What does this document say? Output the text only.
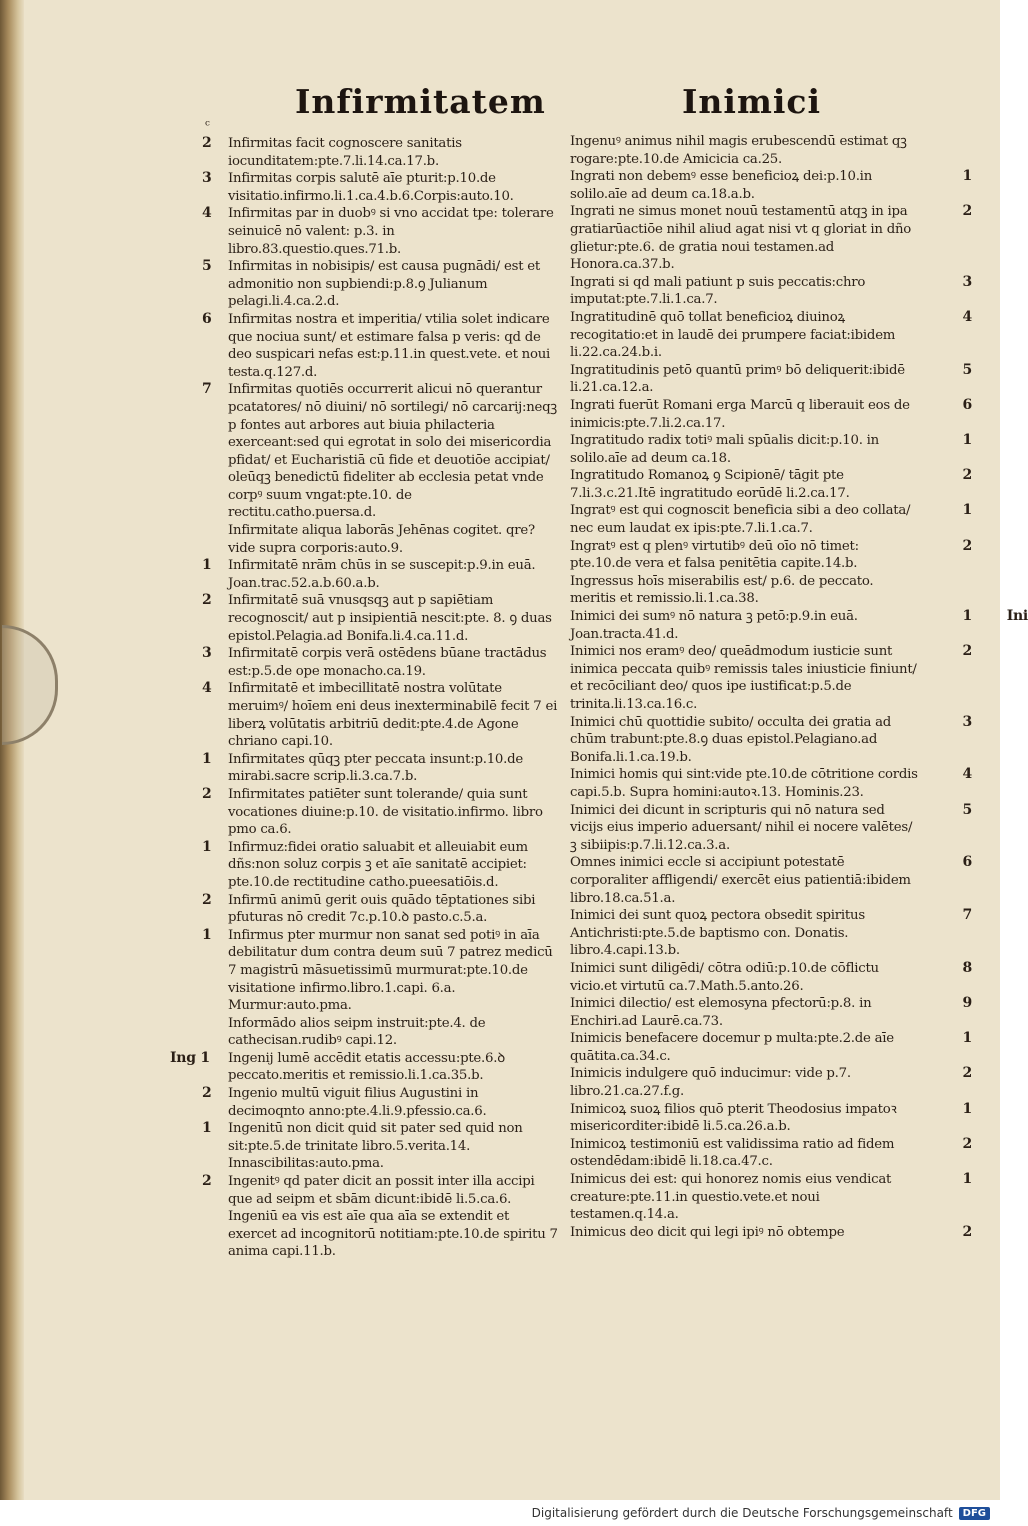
Infirmitatem	Inimici
ᶜ
2 Infirmitas facit cognoscere sanitatis iocunditatem:pte.7.li.14.ca.17.b.
3 Infirmitas corpis salutē aīe pturit:p.10.de visitatio.infirmo.li.1.ca.4.b.6.Corpis:auto.10.
4 Infirmitas par in duobꝰ si vno accidat tpe: tolerare seinuicē nō valent: p.3. in libro.83.questio.ques.71.b.
5 Infirmitas in nobisipis/ est causa pugnādi/ est et admonitio non supbiendi:p.8.ꝯ Julianum pelagi.li.4.ca.2.d.
6 Infirmitas nostra et imperitia/ vtilia solet indicare que nociua sunt/ et estimare falsa p veris: qd de deo suspicari nefas est:p.11.in quest.vete. et noui testa.q.127.d.
7 Infirmitas quotiēs occurrerit alicui nō querantur pcatatores/ nō diuini/ nō sortilegi/ nō carcarij:neqꝫ p fontes aut arbores aut biuia philacteria exerceant:sed qui egrotat in solo dei misericordia pfidat/ et Eucharistiā cū fide et deuotiōe accipiat/ oleūqꝫ benedictū fideliter ab ecclesia petat vnde corpꝰ suum vngat:pte.10. de rectitu.catho.puersa.d.
Infirmitate aliqua laborās Jehēnas cogitet. qre? vide supra corporis:auto.9.
1 Infirmitatē nrām chūs in se suscepit:p.9.in euā. Joan.trac.52.a.b.60.a.b.
2 Infirmitatē suā vnusqsqꝫ aut p sapiētiam recognoscit/ aut p insipientiā nescit:pte. 8. ꝯ duas epistol.Pelagia.ad Bonifa.li.4.ca.11.d.
3 Infirmitatē corpis verā ostēdens būane tractādus est:p.5.de ope monacho.ca.19.
4 Infirmitatē et imbecillitatē nostra volūtate meruimꝰ/ hoīem eni deus inexterminabilē fecit 7 ei liberꝝ volūtatis arbitriū dedit:pte.4.de Agone chriano capi.10.
1 Infirmitates qūqꝫ pter peccata insunt:p.10.de mirabi.sacre scrip.li.3.ca.7.b.
2 Infirmitates patiēter sunt tolerande/ quia sunt vocationes diuine:p.10. de visitatio.infirmo. libro pmo ca.6.
1 Infirmuz:fidei oratio saluabit et alleuiabit eum dñs:non soluz corpis ꝫ et aīe sanitatē accipiet: pte.10.de rectitudine catho.pueesatiōis.d.
2 Infirmū animū gerit ouis quādo tēptationes sibi pfuturas nō credit 7c.p.10.ꝺ pasto.c.5.a.
1 Infirmus pter murmur non sanat sed potiꝰ in aīa debilitatur dum contra deum suū 7 patrez medicū 7 magistrū māsuetissimū murmurat:pte.10.de visitatione infirmo.libro.1.capi. 6.a. Murmur:auto.pma.
Informādo alios seipm instruit:pte.4. de cathecisan.rudibꝰ capi.12.
Ing 1 Ingenij lumē accēdit etatis accessu:pte.6.ꝺ peccato.meritis et remissio.li.1.ca.35.b.
2 Ingenio multū viguit filius Augustini in decimoqnto anno:pte.4.li.9.pfessio.ca.6.
1 Ingenitū non dicit quid sit pater sed quid non sit:pte.5.de trinitate libro.5.verita.14. Innascibilitas:auto.pma.
2 Ingenitꝰ qd pater dicit an possit inter illa accipi que ad seipm et sbām dicunt:ibidē li.5.ca.6.
Ingeniū ea vis est aīe qua aīa se extendit et exercet ad incognitorū notitiam:pte.10.de spiritu 7 anima capi.11.b.
Ingenuꝰ animus nihil magis erubescendū estimat qꝫ rogare:pte.10.de Amicicia ca.25.
1
Ingrati non debemꝰ esse beneficioꝝ dei:p.10.in solilo.aīe ad deum ca.18.a.b.
2
Ingrati ne simus monet nouū testamentū atqꝫ in ipa gratiarūactiōe nihil aliud agat nisi vt q gloriat in dño glietur:pte.6. de gratia noui testamen.ad Honora.ca.37.b.
3
Ingrati si qd mali patiunt p suis peccatis:chro imputat:pte.7.li.1.ca.7.
4
Ingratitudinē quō tollat beneficioꝝ diuinoꝝ recogitatio:et in laudē dei prumpere faciat:ibidem li.22.ca.24.b.i.
5
Ingratitudinis petō quantū primꝰ bō deliquerit:ibidē li.21.ca.12.a.
6
Ingrati fuerūt Romani erga Marcū q liberauit eos de inimicis:pte.7.li.2.ca.17.
1
Ingratitudo radix totiꝰ mali spūalis dicit:p.10. in solilo.aīe ad deum ca.18.
2
Ingratitudo Romanoꝝ ꝯ Scipionē/ tāgit pte 7.li.3.c.21.Itē ingratitudo eorūdē li.2.ca.17.
1
Ingratꝰ est qui cognoscit beneficia sibi a deo collata/ nec eum laudat ex ipis:pte.7.li.1.ca.7.
2
Ingratꝰ est q plenꝰ virtutibꝰ deū oīo nō timet: pte.10.de vera et falsa penitētia capite.14.b.
Ingressus hoīs miserabilis est/ p.6. de peccato. meritis et remissio.li.1.ca.38.
1 Ini
Inimici dei sumꝰ nō natura ꝫ petō:p.9.in euā. Joan.tracta.41.d.
2
Inimici nos eramꝰ deo/ queādmodum iusticie sunt inimica peccata quibꝰ remissis tales iniusticie finiunt/ et recōciliant deo/ quos ipe iustificat:p.5.de trinita.li.13.ca.16.c.
3
Inimici chū quottidie subito/ occulta dei gratia ad chūm trabunt:pte.8.ꝯ duas epistol.Pelagiano.ad Bonifa.li.1.ca.19.b.
4
Inimici homis qui sint:vide pte.10.de cōtritione cordis capi.5.b. Supra homini:autoꝛ.13. Hominis.23.
5
Inimici dei dicunt in scripturis qui nō natura sed vicijs eius imperio aduersant/ nihil ei nocere valētes/ ꝫ sibiipis:p.7.li.12.ca.3.a.
6
Omnes inimici eccle si accipiunt potestatē corporaliter affligendi/ exercēt eius patientiā:ibidem libro.18.ca.51.a.
7
Inimici dei sunt quoꝝ pectora obsedit spiritus Antichristi:pte.5.de baptismo con. Donatis. libro.4.capi.13.b.
8
Inimici sunt diligēdi/ cōtra odiū:p.10.de cōflictu vicio.et virtutū ca.7.Math.5.anto.26.
9
Inimici dilectio/ est elemosyna pfectorū:p.8. in Enchiri.ad Laurē.ca.73.
1
Inimicis benefacere docemur p multa:pte.2.de aīe quātita.ca.34.c.
2
Inimicis indulgere quō inducimur: vide p.7. libro.21.ca.27.f.g.
1
Inimicoꝝ suoꝝ filios quō pterit Theodosius impatoꝛ misericorditer:ibidē li.5.ca.26.a.b.
2
Inimicoꝝ testimoniū est validissima ratio ad fidem ostendēdam:ibidē li.18.ca.47.c.
1
Inimicus dei est: qui honorez nomis eius vendicat creature:pte.11.in questio.vete.et noui testamen.q.14.a.
2
Inimicus deo dicit qui legi ipiꝰ nō obtempe
Digitalisierung gefördert durch die Deutsche Forschungsgemeinschaft	DFG
